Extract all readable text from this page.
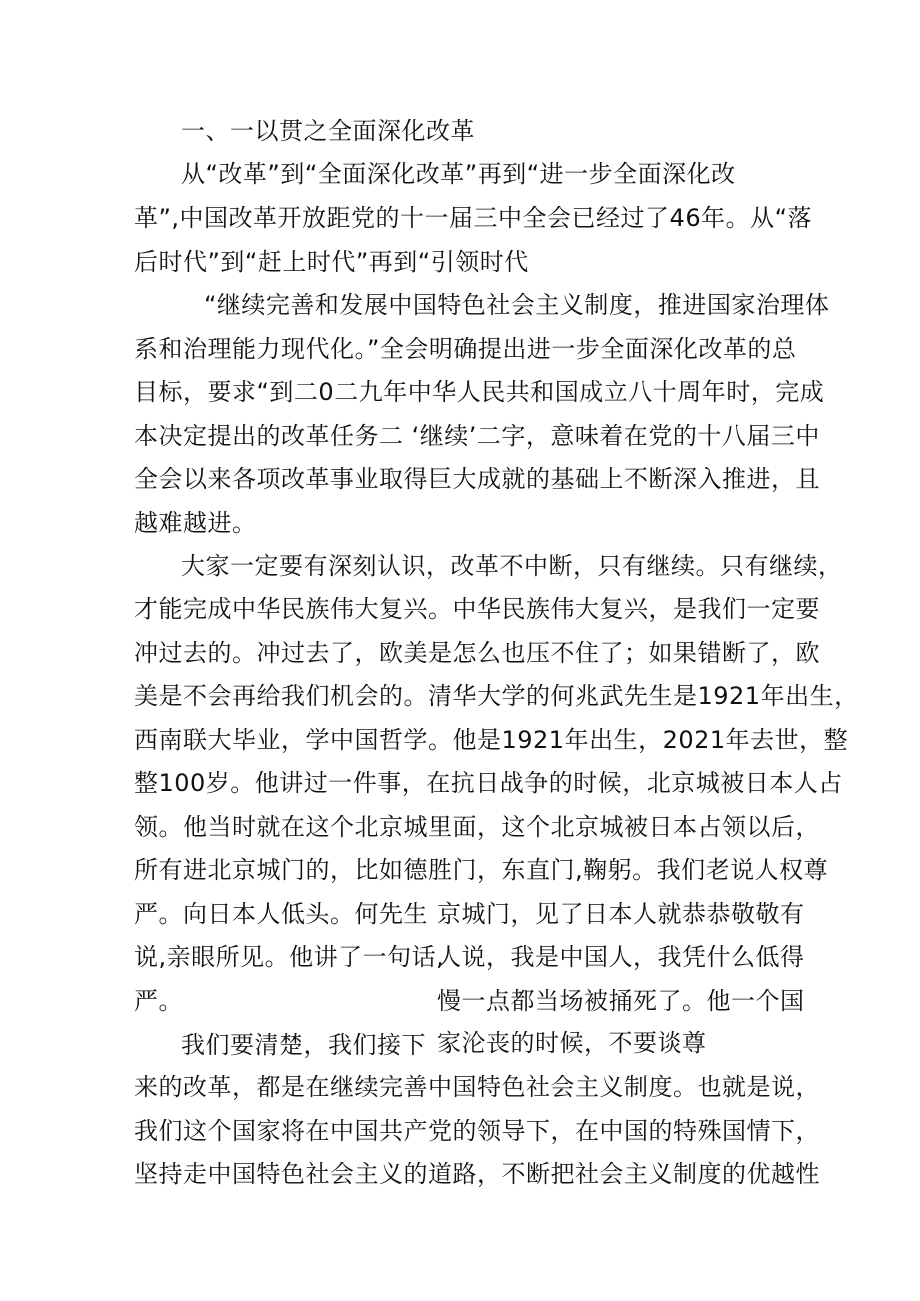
一、一以贯之全面深化改革
从“改革”到“全面深化改革”再到“进一步全面深化改
革”,中国改革开放距党的十一届三中全会已经过了46年。从“落
后时代”到“赶上时代”再到“引领时代
“继续完善和发展中国特色社会主义制度，推进国家治理体
系和治理能力现代化。”全会明确提出进一步全面深化改革的总
目标，要求“到二0二九年中华人民共和国成立八十周年时，完成
本决定提出的改革任务二 ‘继续’二字，意味着在党的十八届三中
全会以来各项改革事业取得巨大成就的基础上不断深入推进，且
越难越进。
大家一定要有深刻认识，改革不中断，只有继续。只有继续，
才能完成中华民族伟大复兴。中华民族伟大复兴，是我们一定要
冲过去的。冲过去了，欧美是怎么也压不住了；如果错断了，欧
美是不会再给我们机会的。清华大学的何兆武先生是1921年出生，
西南联大毕业，学中国哲学。他是1921年出生，2021年去世，整
整100岁。他讲过一件事，在抗日战争的时候，北京城被日本人占
领。他当时就在这个北京城里面，这个北京城被日本占领以后，
所有进北京城门的，比如德胜门，东直门,鞠躬。我们老说人权尊
严。向日本人低头。何先生
说,亲眼所见。他讲了一句话,
严。
我们要清楚，我们接下
京城门，见了日本人就恭恭敬敬有
人说，我是中国人，我凭什么低得
慢一点都当场被捅死了。他一个国
家沦丧的时候，不要谈尊
来的改革，都是在继续完善中国特色社会主义制度。也就是说，
我们这个国家将在中国共产党的领导下，在中国的特殊国情下，
坚持走中国特色社会主义的道路，不断把社会主义制度的优越性
